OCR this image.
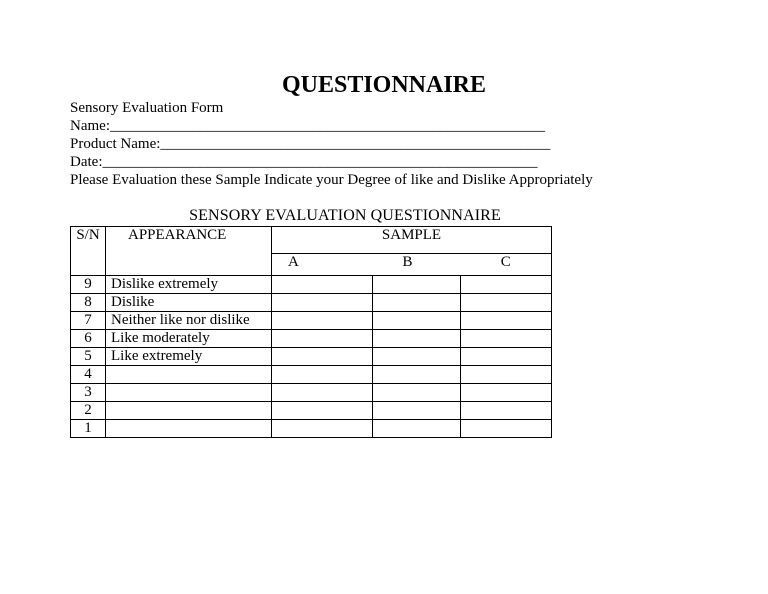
QUESTIONNAIRE
Sensory Evaluation Form
Name:__________________________________________________________
Product Name:____________________________________________________
Date:__________________________________________________________
Please Evaluation these Sample Indicate your Degree of like and Dislike Appropriately
SENSORY EVALUATION QUESTIONNAIRE
S/N	APPEARANCE	SAMPLE		
		A	B	C
9	Dislike extremely			
8	Dislike			
7	Neither like nor dislike			
6	Like moderately			
5	Like extremely			
4				
3				
2				
1				
